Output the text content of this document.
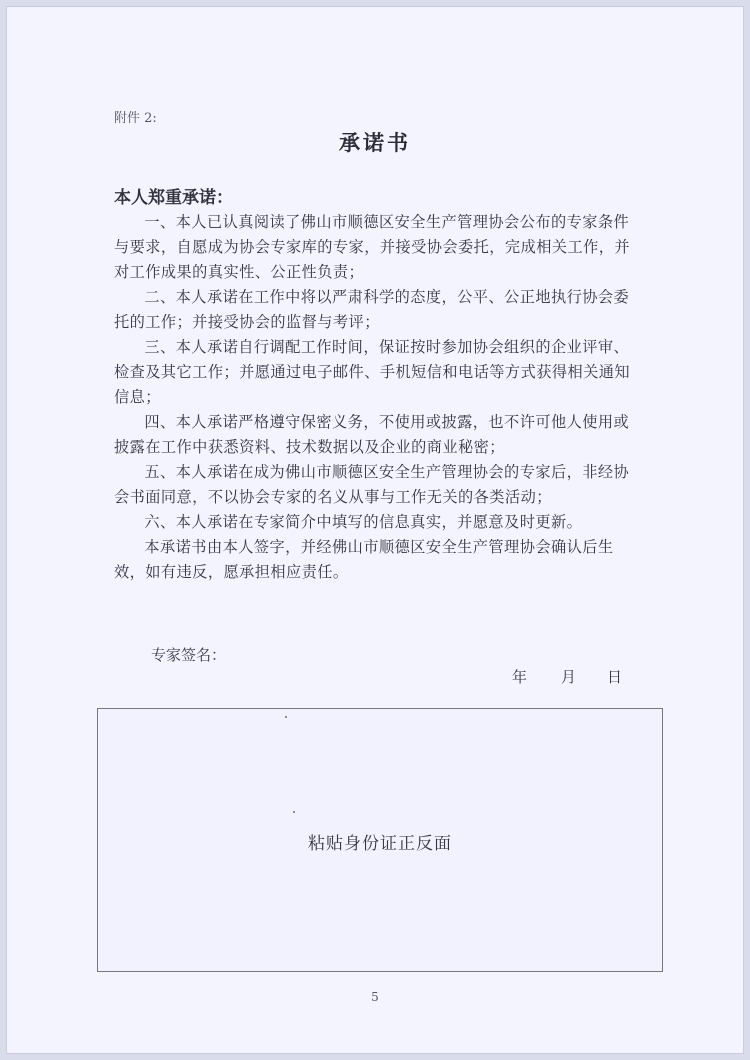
附件 2:
承诺书
本人郑重承诺：

一、本人已认真阅读了佛山市顺德区安全生产管理协会公布的专家条件与要求，自愿成为协会专家库的专家，并接受协会委托，完成相关工作，并对工作成果的真实性、公正性负责；

二、本人承诺在工作中将以严肃科学的态度，公平、公正地执行协会委托的工作；并接受协会的监督与考评；

三、本人承诺自行调配工作时间，保证按时参加协会组织的企业评审、检查及其它工作；并愿通过电子邮件、手机短信和电话等方式获得相关通知信息；

四、本人承诺严格遵守保密义务，不使用或披露，也不许可他人使用或披露在工作中获悉资料、技术数据以及企业的商业秘密；

五、本人承诺在成为佛山市顺德区安全生产管理协会的专家后，非经协会书面同意，不以协会专家的名义从事与工作无关的各类活动；

六、本人承诺在专家简介中填写的信息真实，并愿意及时更新。

本承诺书由本人签字，并经佛山市顺德区安全生产管理协会确认后生效，如有违反，愿承担相应责任。

专家签名：
年 月 日
粘贴身份证正反面
5
